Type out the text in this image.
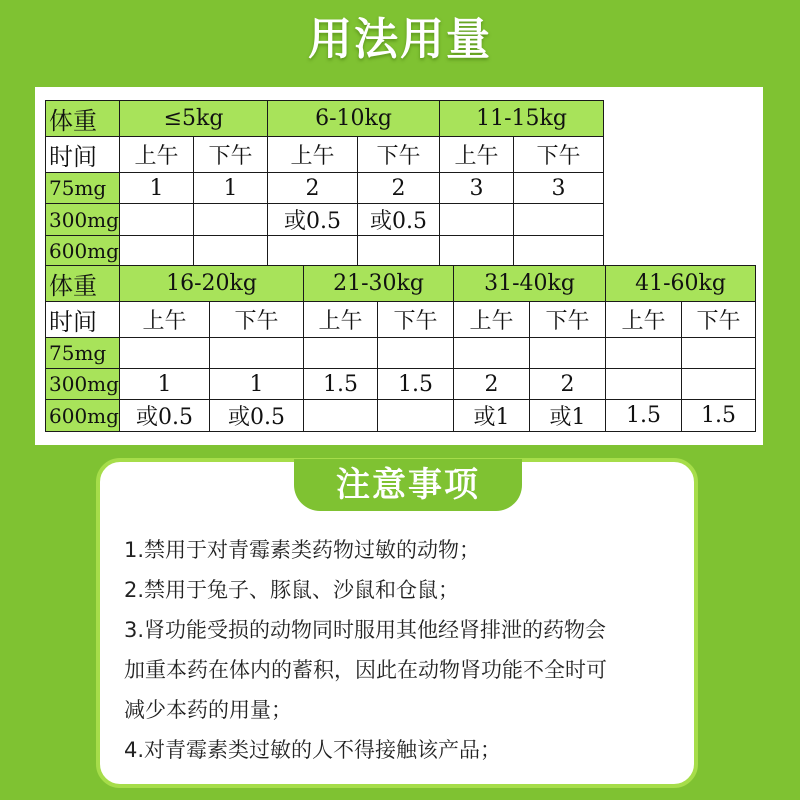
用法用量
体重	≤5kg		6-10kg		11-15kg	
时间	上午	下午	上午	下午	上午	下午
75mg	1	1	2	2	3	3
300mg			或0.5	或0.5		
600mg						
体重	16-20kg		21-30kg		31-40kg		41-60kg	
时间	上午	下午	上午	下午	上午	下午	上午	下午
75mg								
300mg	1	1	1.5	1.5	2	2		
600mg	或0.5	或0.5			或1	或1	1.5	1.5
注意事项
1.禁用于对青霉素类药物过敏的动物；
2.禁用于兔子、豚鼠、沙鼠和仓鼠；
3.肾功能受损的动物同时服用其他经肾排泄的药物会
加重本药在体内的蓄积，因此在动物肾功能不全时可
减少本药的用量；
4.对青霉素类过敏的人不得接触该产品；
